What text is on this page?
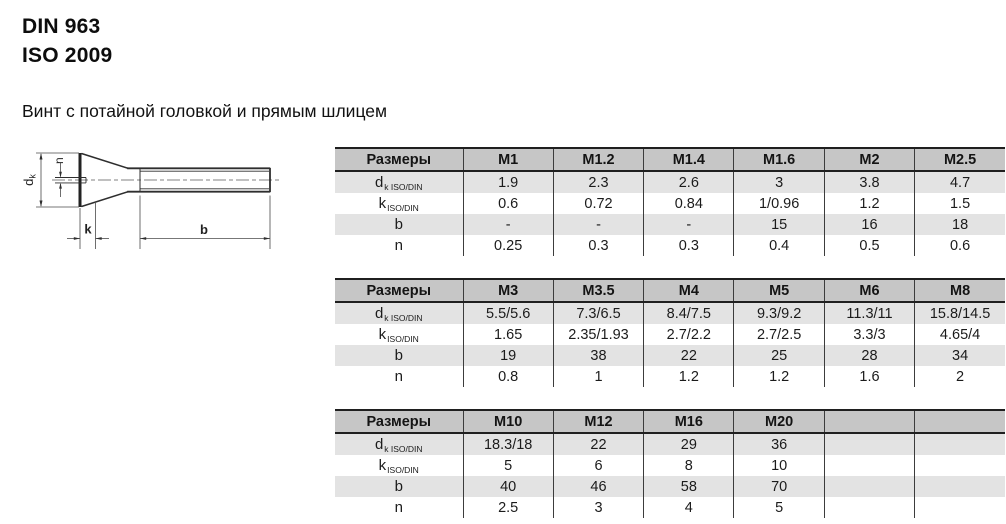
DIN 963
ISO 2009
Винт с потайной головкой и прямым шлицем
dk
n
k	b
Размеры	M1	M1.2	M1.4	M1.6	M2	M2.5
$d_{k ISO/DIN}$	1.9	2.3	2.6	3	3.8	4.7
$k_{ISO/DIN}$	0.6	0.72	0.84	1/0.96	1.2	1.5
b	-	-	-	15	16	18
n	0.25	0.3	0.3	0.4	0.5	0.6
Размеры	M3	M3.5	M4	M5	M6	M8
$d_{k ISO/DIN}$	5.5/5.6	7.3/6.5	8.4/7.5	9.3/9.2	11.3/11	15.8/14.5
$k_{ISO/DIN}$	1.65	2.35/1.93	2.7/2.2	2.7/2.5	3.3/3	4.65/4
b	19	38	22	25	28	34
n	0.8	1	1.2	1.2	1.6	2
Размеры	M10	M12	M16	M20		
$d_{k ISO/DIN}$	18.3/18	22	29	36		
$k_{ISO/DIN}$	5	6	8	10		
b	40	46	58	70		
n	2.5	3	4	5		
